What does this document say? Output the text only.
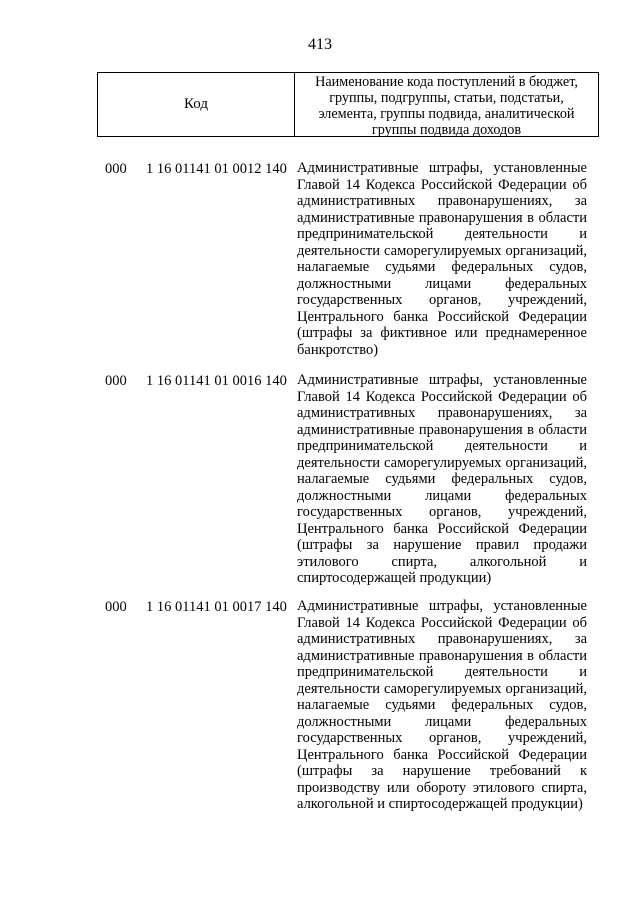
413
Код
Наименование кода поступлений в бюджет, группы, подгруппы, статьи, подстатьи, элемента, группы подвида, аналитической группы подвида доходов
000 1 16 01141 01 0012 140 Административные штрафы, установленные Главой 14 Кодекса Российской Федерации об административных правонарушениях, за административные правонарушения в области предпринимательской деятельности и деятельности саморегулируемых организаций, налагаемые судьями федеральных судов, должностными лицами федеральных государственных органов, учреждений, Центрального банка Российской Федерации (штрафы за фиктивное или преднамеренное банкротство)
000 1 16 01141 01 0016 140 Административные штрафы, установленные Главой 14 Кодекса Российской Федерации об административных правонарушениях, за административные правонарушения в области предпринимательской деятельности и деятельности саморегулируемых организаций, налагаемые судьями федеральных судов, должностными лицами федеральных государственных органов, учреждений, Центрального банка Российской Федерации (штрафы за нарушение правил продажи этилового спирта, алкогольной и спиртосодержащей продукции)
000 1 16 01141 01 0017 140 Административные штрафы, установленные Главой 14 Кодекса Российской Федерации об административных правонарушениях, за административные правонарушения в области предпринимательской деятельности и деятельности саморегулируемых организаций, налагаемые судьями федеральных судов, должностными лицами федеральных государственных органов, учреждений, Центрального банка Российской Федерации (штрафы за нарушение требований к производству или обороту этилового спирта, алкогольной и спиртосодержащей продукции)
